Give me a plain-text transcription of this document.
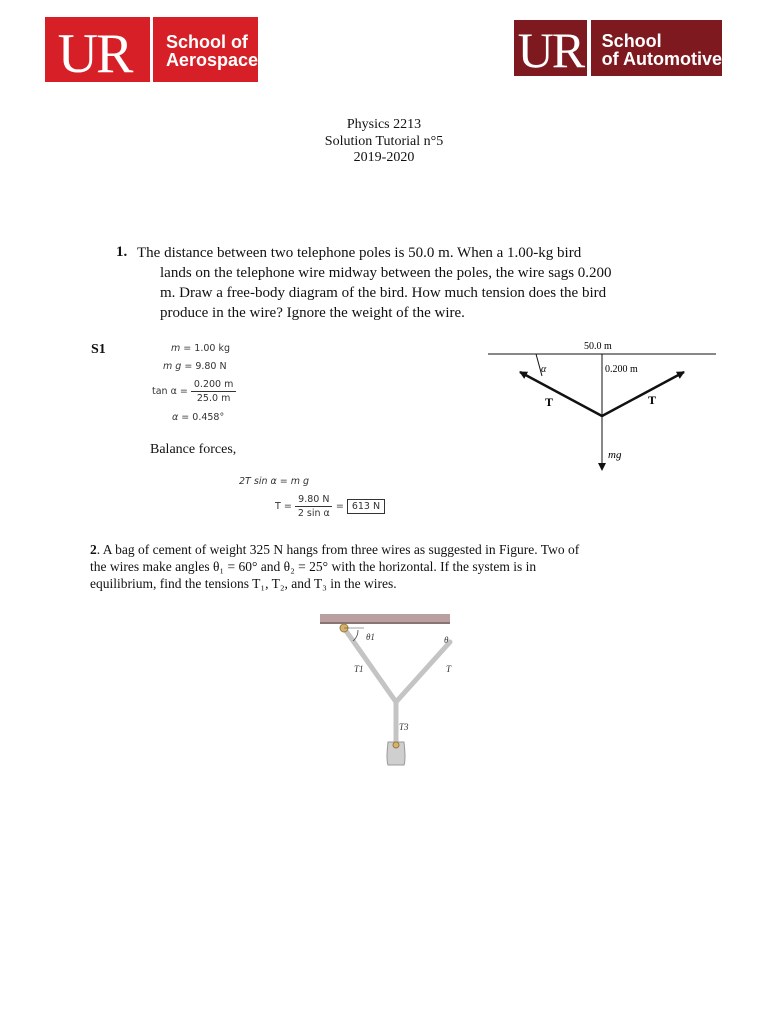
UR	School of
Aerospace	UR School
of Automotive
Physics 2213
Solution Tutorial n°5
2019-2020
1. The distance between two telephone poles is 50.0 m. When a 1.00-kg bird
lands on the telephone wire midway between the poles, the wire sags 0.200
m. Draw a free-body diagram of the bird. How much tension does the bird
produce in the wire? Ignore the weight of the wire.
S1	m = 1.00 kg
m g = 9.80 N
$\tan \alpha = \frac{0.200 m}{25.0 m}$
α = 0.458°
Balance forces,
2T sin α = m g
$T = \frac{9.80 N}{\text{2 sin α}} = 613$ N
50.0 m
0.200 m
α
T	T
mg
2. A bag of cement of weight 325 N hangs from three wires as suggested in Figure. Two of
the wires make angles θ₁ = 60° and θ₂ = 25° with the horizontal. If the system is in
equilibrium, find the tensions T₁, T₂, and T₃ in the wires.
θ1	θ
T1	T
T3
